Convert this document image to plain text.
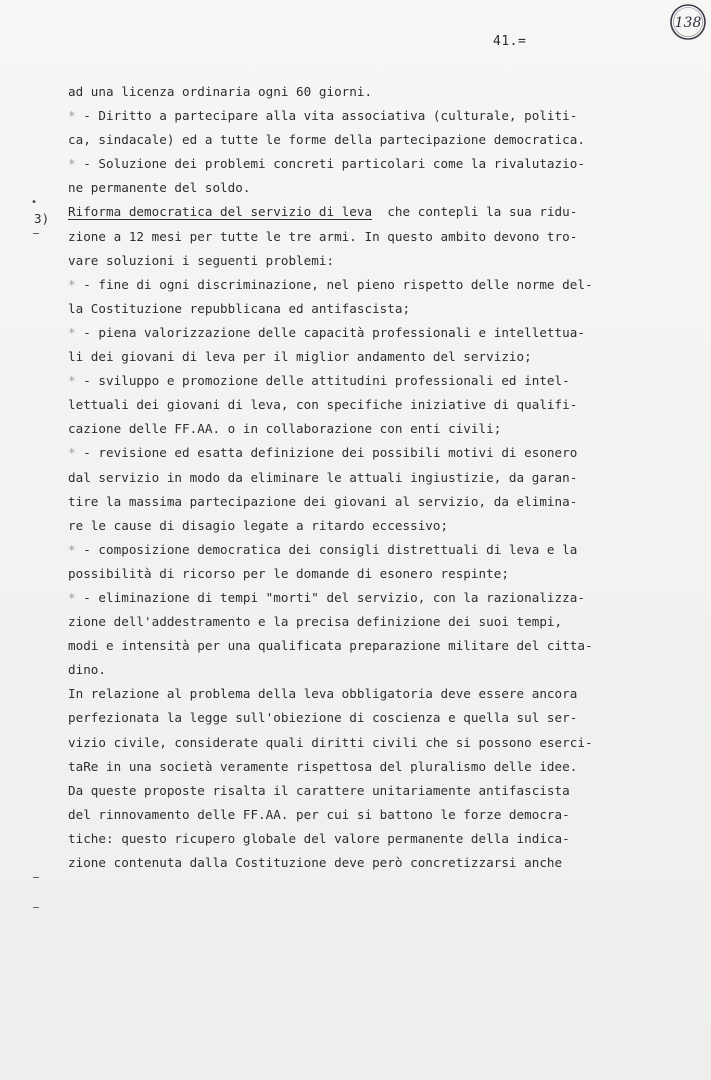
138
41.=
•
3)
ad una licenza ordinaria ogni 60 giorni.
* - Diritto a partecipare alla vita associativa (culturale, politi-
ca, sindacale) ed a tutte le forme della partecipazione democratica.
* - Soluzione dei problemi concreti particolari come la rivalutazio-
ne permanente del soldo.
Riforma democratica del servizio di leva che contepli la sua ridu-
zione a 12 mesi per tutte le tre armi. In questo ambito devono tro-
vare soluzioni i seguenti problemi:
* - fine di ogni discriminazione, nel pieno rispetto delle norme del-
la Costituzione repubblicana ed antifascista;
* - piena valorizzazione delle capacità professionali e intellettua-
li dei giovani di leva per il miglior andamento del servizio;
* - sviluppo e promozione delle attitudini professionali ed intel-
lettuali dei giovani di leva, con specifiche iniziative di qualifi-
cazione delle FF.AA. o in collaborazione con enti civili;
* - revisione ed esatta definizione dei possibili motivi di esonero
dal servizio in modo da eliminare le attuali ingiustizie, da garan-
tire la massima partecipazione dei giovani al servizio, da elimina-
re le cause di disagio legate a ritardo eccessivo;
* - composizione democratica dei consigli distrettuali di leva e la
possibilità di ricorso per le domande di esonero respinte;
* - eliminazione di tempi "morti" del servizio, con la razionalizza-
zione dell'addestramento e la precisa definizione dei suoi tempi,
modi e intensità per una qualificata preparazione militare del citta-
dino.
In relazione al problema della leva obbligatoria deve essere ancora
perfezionata la legge sull'obiezione di coscienza e quella sul ser-
vizio civile, considerate quali diritti civili che si possono eserci-
taRe in una società veramente rispettosa del pluralismo delle idee.
Da queste proposte risalta il carattere unitariamente antifascista
del rinnovamento delle FF.AA. per cui si battono le forze democra-
tiche: questo ricupero globale del valore permanente della indica-
zione contenuta dalla Costituzione deve però concretizzarsi anche
